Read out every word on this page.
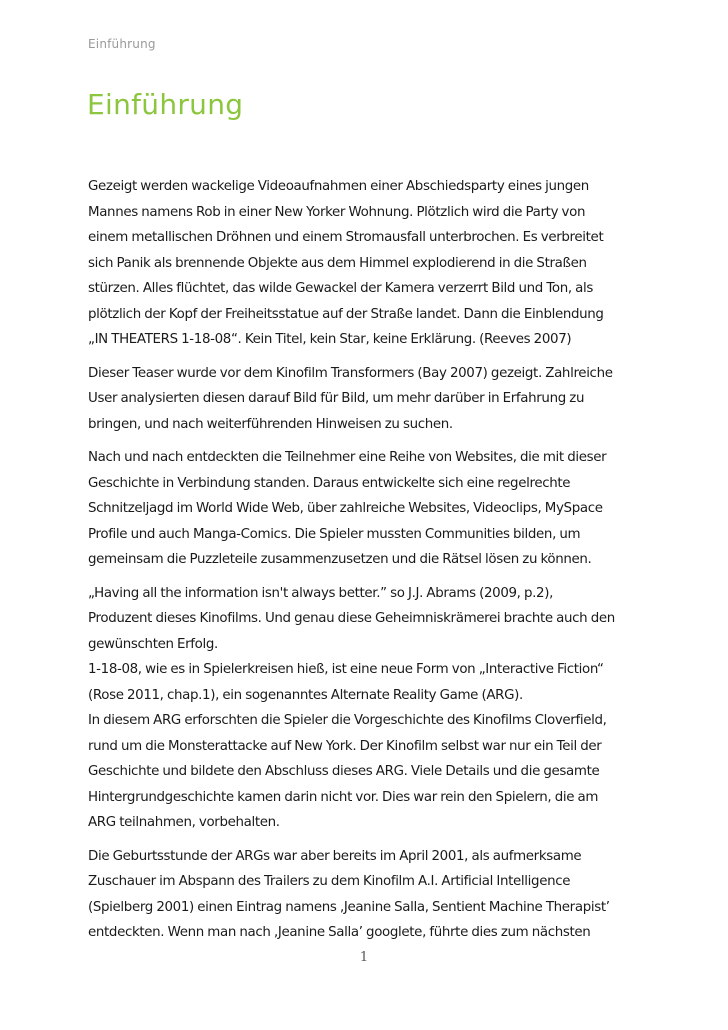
Einführung
Einführung

Gezeigt werden wackelige Videoaufnahmen einer Abschiedsparty eines jungen
Mannes namens Rob in einer New Yorker Wohnung. Plötzlich wird die Party von
einem metallischen Dröhnen und einem Stromausfall unterbrochen. Es verbreitet
sich Panik als brennende Objekte aus dem Himmel explodierend in die Straßen
stürzen. Alles flüchtet, das wilde Gewackel der Kamera verzerrt Bild und Ton, als
plötzlich der Kopf der Freiheitsstatue auf der Straße landet. Dann die Einblendung
„IN THEATERS 1-18-08“. Kein Titel, kein Star, keine Erklärung. (Reeves 2007)

Dieser Teaser wurde vor dem Kinofilm Transformers (Bay 2007) gezeigt. Zahlreiche
User analysierten diesen darauf Bild für Bild, um mehr darüber in Erfahrung zu
bringen, und nach weiterführenden Hinweisen zu suchen.

Nach und nach entdeckten die Teilnehmer eine Reihe von Websites, die mit dieser
Geschichte in Verbindung standen. Daraus entwickelte sich eine regelrechte
Schnitzeljagd im World Wide Web, über zahlreiche Websites, Videoclips, MySpace
Profile und auch Manga-Comics. Die Spieler mussten Communities bilden, um
gemeinsam die Puzzleteile zusammenzusetzen und die Rätsel lösen zu können.

„Having all the information isn't always better.” so J.J. Abrams (2009, p.2),
Produzent dieses Kinofilms. Und genau diese Geheimniskrämerei brachte auch den
gewünschten Erfolg.
1-18-08, wie es in Spielerkreisen hieß, ist eine neue Form von „Interactive Fiction“
(Rose 2011, chap.1), ein sogenanntes Alternate Reality Game (ARG).
In diesem ARG erforschten die Spieler die Vorgeschichte des Kinofilms Cloverfield,
rund um die Monsterattacke auf New York. Der Kinofilm selbst war nur ein Teil der
Geschichte und bildete den Abschluss dieses ARG. Viele Details und die gesamte
Hintergrundgeschichte kamen darin nicht vor. Dies war rein den Spielern, die am
ARG teilnahmen, vorbehalten.

Die Geburtsstunde der ARGs war aber bereits im April 2001, als aufmerksame
Zuschauer im Abspann des Trailers zu dem Kinofilm A.I. Artificial Intelligence
(Spielberg 2001) einen Eintrag namens ‚Jeanine Salla, Sentient Machine Therapist’
entdeckten. Wenn man nach ‚Jeanine Salla’ googlete, führte dies zum nächsten

1
